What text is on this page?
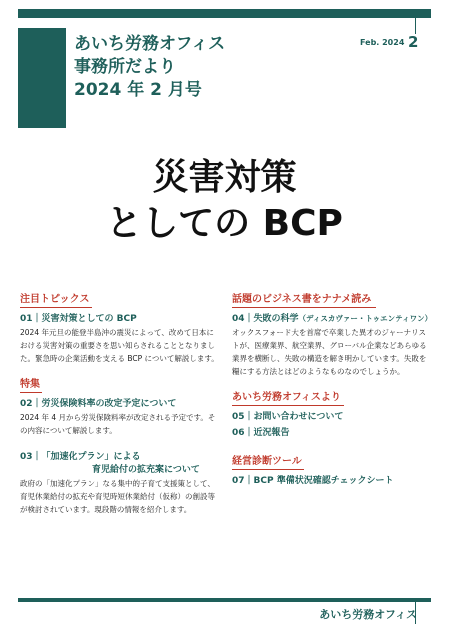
あいち労務オフィス
事務所だより
2024 年 2 月号
Feb. 2024 2
災害対策
としての BCP
注目トピックス
01｜災害対策としての BCP
2024 年元旦の能登半島沖の震災によって、改めて日本における災害対策の重要さを思い知らされることとなりました。緊急時の企業活動を支える BCP について解説します。
特集
02｜労災保険料率の改定予定について
2024 年 4 月から労災保険料率が改定される予定です。その内容について解説します。
03｜「加速化プラン」による
育児給付の拡充案について
政府の「加速化プラン」なる集中的子育て支援策として、育児休業給付の拡充や育児時短休業給付（仮称）の創設等が検討されています。現段階の情報を紹介します。
話題のビジネス書をナナメ読み
04｜失敗の科学（ディスカヴァー・トゥエンティワン）
オックスフォード大を首席で卒業した異才のジャーナリストが、医療業界、航空業界、グローバル企業などあらゆる業界を横断し、失敗の構造を解き明かしています。失敗を糧にする方法とはどのようなものなのでしょうか。
あいち労務オフィスより
05｜お問い合わせについて
06｜近況報告
経営診断ツール
07｜BCP 準備状況確認チェックシート
あいち労務オフィス
